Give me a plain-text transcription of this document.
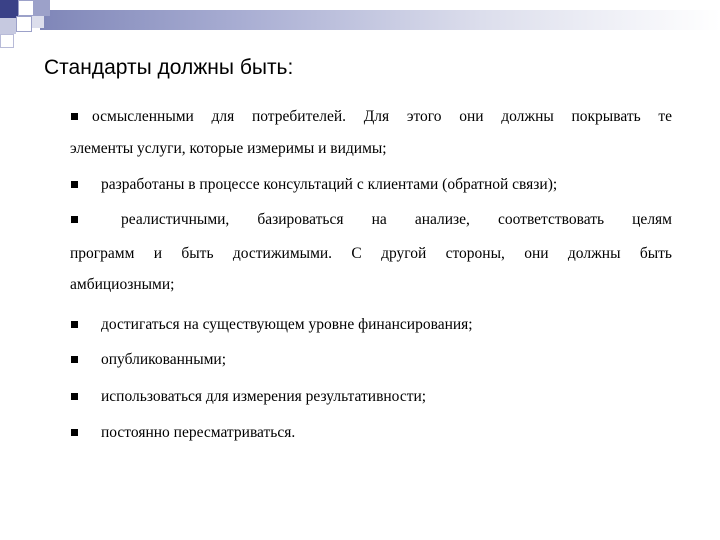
Стандарты должны быть:

осмысленными для потребителей. Для этого они должны покрывать те

элементы услуги, которые измеримы и видимы;

разработаны в процессе консультаций с клиентами (обратной связи);

реалистичными, базироваться на анализе, соответствовать целям

программ и быть достижимыми. С другой стороны, они должны быть

амбициозными;

достигаться на существующем уровне финансирования;

опубликованными;

использоваться для измерения результативности;

постоянно пересматриваться.
